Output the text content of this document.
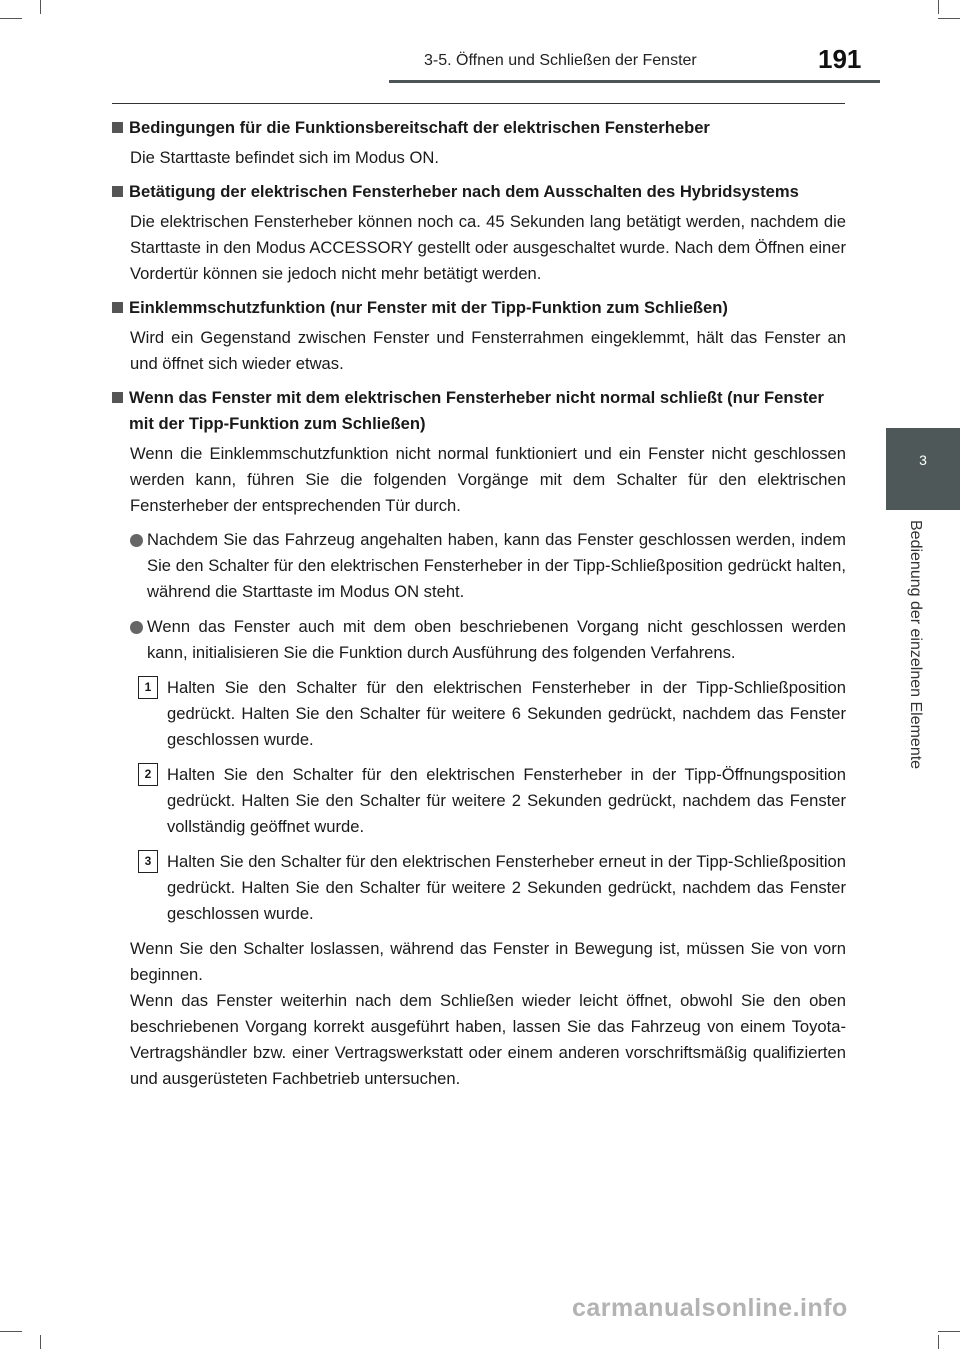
3-5. Öffnen und Schließen der Fenster	191
3
Bedienung der einzelnen Elemente
Bedingungen für die Funktionsbereitschaft der elektrischen Fensterheber
Die Starttaste befindet sich im Modus ON.
Betätigung der elektrischen Fensterheber nach dem Ausschalten des Hybridsystems
Die elektrischen Fensterheber können noch ca. 45 Sekunden lang betätigt werden, nachdem die Starttaste in den Modus ACCESSORY gestellt oder ausgeschaltet wurde. Nach dem Öffnen einer Vordertür können sie jedoch nicht mehr betätigt werden.
Einklemmschutzfunktion (nur Fenster mit der Tipp-Funktion zum Schließen)
Wird ein Gegenstand zwischen Fenster und Fensterrahmen eingeklemmt, hält das Fenster an und öffnet sich wieder etwas.
Wenn das Fenster mit dem elektrischen Fensterheber nicht normal schließt (nur Fenster mit der Tipp-Funktion zum Schließen)
Wenn die Einklemmschutzfunktion nicht normal funktioniert und ein Fenster nicht geschlossen werden kann, führen Sie die folgenden Vorgänge mit dem Schalter für den elektrischen Fensterheber der entsprechenden Tür durch.
Nachdem Sie das Fahrzeug angehalten haben, kann das Fenster geschlossen werden, indem Sie den Schalter für den elektrischen Fensterheber in der Tipp-Schließposition gedrückt halten, während die Starttaste im Modus ON steht.
Wenn das Fenster auch mit dem oben beschriebenen Vorgang nicht geschlossen werden kann, initialisieren Sie die Funktion durch Ausführung des folgenden Verfahrens.
1 Halten Sie den Schalter für den elektrischen Fensterheber in der Tipp-Schließposition gedrückt. Halten Sie den Schalter für weitere 6 Sekunden gedrückt, nachdem das Fenster geschlossen wurde.
2 Halten Sie den Schalter für den elektrischen Fensterheber in der Tipp-Öffnungsposition gedrückt. Halten Sie den Schalter für weitere 2 Sekunden gedrückt, nachdem das Fenster vollständig geöffnet wurde.
3 Halten Sie den Schalter für den elektrischen Fensterheber erneut in der Tipp-Schließposition gedrückt. Halten Sie den Schalter für weitere 2 Sekunden gedrückt, nachdem das Fenster geschlossen wurde.

Wenn Sie den Schalter loslassen, während das Fenster in Bewegung ist, müssen Sie von vorn beginnen.

Wenn das Fenster weiterhin nach dem Schließen wieder leicht öffnet, obwohl Sie den oben beschriebenen Vorgang korrekt ausgeführt haben, lassen Sie das Fahrzeug von einem Toyota-Vertragshändler bzw. einer Vertragswerkstatt oder einem anderen vorschriftsmäßig qualifizierten und ausgerüsteten Fachbetrieb untersuchen.

carmanualsonline.info
